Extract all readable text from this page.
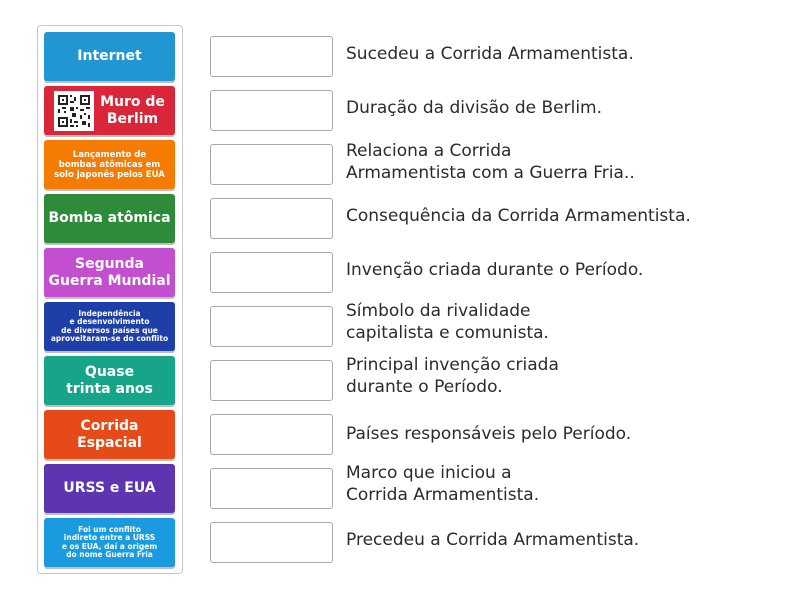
Internet
Muro de
Berlim
Lançamento de
bombas atômicas em
solo japonês pelos EUA
Bomba atômica
Segunda
Guerra Mundial
Independência
e desenvolvimento
de diversos países que
aproveitaram-se do conflito
Quase
trinta anos
Corrida
Espacial
URSS e EUA
Foi um conflito
indireto entre a URSS
e os EUA, daí a origem
do nome Guerra Fria
Sucedeu a Corrida Armamentista.
Duração da divisão de Berlim.
Relaciona a Corrida
Armamentista com a Guerra Fria..
Consequência da Corrida Armamentista.
Invenção criada durante o Período.
Símbolo da rivalidade
capitalista e comunista.
Principal invenção criada
durante o Período.
Países responsáveis pelo Período.
Marco que iniciou a
Corrida Armamentista.
Precedeu a Corrida Armamentista.
